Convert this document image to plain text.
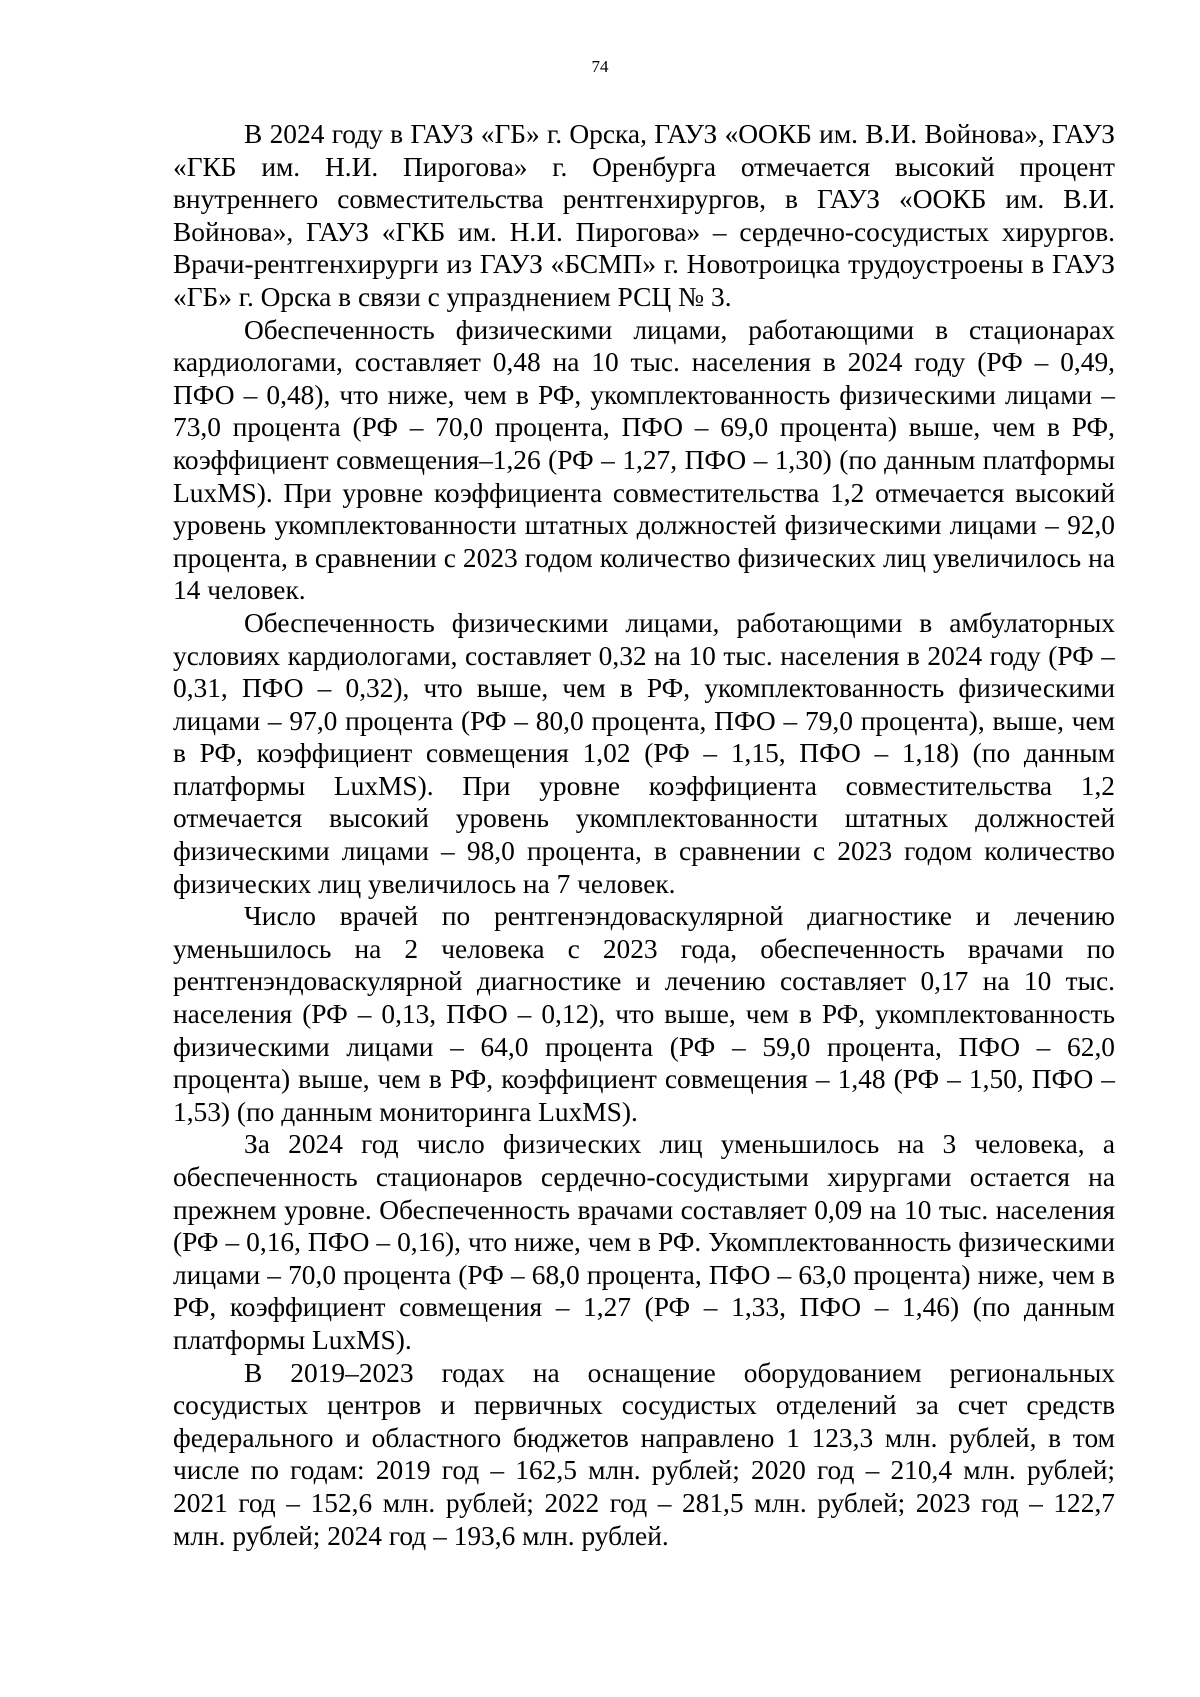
74

В 2024 году в ГАУЗ «ГБ» г. Орска, ГАУЗ «ООКБ им. В.И. Войнова», ГАУЗ «ГКБ им. Н.И. Пирогова» г. Оренбурга отмечается высокий процент внутреннего совместительства рентгенхирургов, в ГАУЗ «ООКБ им. В.И. Войнова», ГАУЗ «ГКБ им. Н.И. Пирогова» – сердечно-сосудистых хирургов. Врачи-рентгенхирурги из ГАУЗ «БСМП» г. Новотроицка трудоустроены в ГАУЗ «ГБ» г. Орска в связи с упразднением РСЦ № 3.

Обеспеченность физическими лицами, работающими в стационарах кардиологами, составляет 0,48 на 10 тыс. населения в 2024 году (РФ – 0,49, ПФО – 0,48), что ниже, чем в РФ, укомплектованность физическими лицами – 73,0 процента (РФ – 70,0 процента, ПФО – 69,0 процента) выше, чем в РФ, коэффициент совмещения–1,26 (РФ – 1,27, ПФО – 1,30) (по данным платформы LuxMS). При уровне коэффициента совместительства 1,2 отмечается высокий уровень укомплектованности штатных должностей физическими лицами – 92,0 процента, в сравнении с 2023 годом количество физических лиц увеличилось на 14 человек.

Обеспеченность физическими лицами, работающими в амбулаторных условиях кардиологами, составляет 0,32 на 10 тыс. населения в 2024 году (РФ – 0,31, ПФО – 0,32), что выше, чем в РФ, укомплектованность физическими лицами – 97,0 процента (РФ – 80,0 процента, ПФО – 79,0 процента), выше, чем в РФ, коэффициент совмещения 1,02 (РФ – 1,15, ПФО – 1,18) (по данным платформы LuxMS). При уровне коэффициента совместительства 1,2 отмечается высокий уровень укомплектованности штатных должностей физическими лицами – 98,0 процента, в сравнении с 2023 годом количество физических лиц увеличилось на 7 человек.

Число врачей по рентгенэндоваскулярной диагностике и лечению уменьшилось на 2 человека с 2023 года, обеспеченность врачами по рентгенэндоваскулярной диагностике и лечению составляет 0,17 на 10 тыс. населения (РФ – 0,13, ПФО – 0,12), что выше, чем в РФ, укомплектованность физическими лицами – 64,0 процента (РФ – 59,0 процента, ПФО – 62,0 процента) выше, чем в РФ, коэффициент совмещения – 1,48 (РФ – 1,50, ПФО – 1,53) (по данным мониторинга LuxMS).

За 2024 год число физических лиц уменьшилось на 3 человека, а обеспеченность стационаров сердечно-сосудистыми хирургами остается на прежнем уровне. Обеспеченность врачами составляет 0,09 на 10 тыс. населения (РФ – 0,16, ПФО – 0,16), что ниже, чем в РФ. Укомплектованность физическими лицами – 70,0 процента (РФ – 68,0 процента, ПФО – 63,0 процента) ниже, чем в РФ, коэффициент совмещения – 1,27 (РФ – 1,33, ПФО – 1,46) (по данным платформы LuxMS).

В 2019–2023 годах на оснащение оборудованием региональных сосудистых центров и первичных сосудистых отделений за счет средств федерального и областного бюджетов направлено 1 123,3 млн. рублей, в том числе по годам: 2019 год – 162,5 млн. рублей; 2020 год – 210,4 млн. рублей; 2021 год – 152,6 млн. рублей; 2022 год – 281,5 млн. рублей; 2023 год – 122,7 млн. рублей; 2024 год – 193,6 млн. рублей.
